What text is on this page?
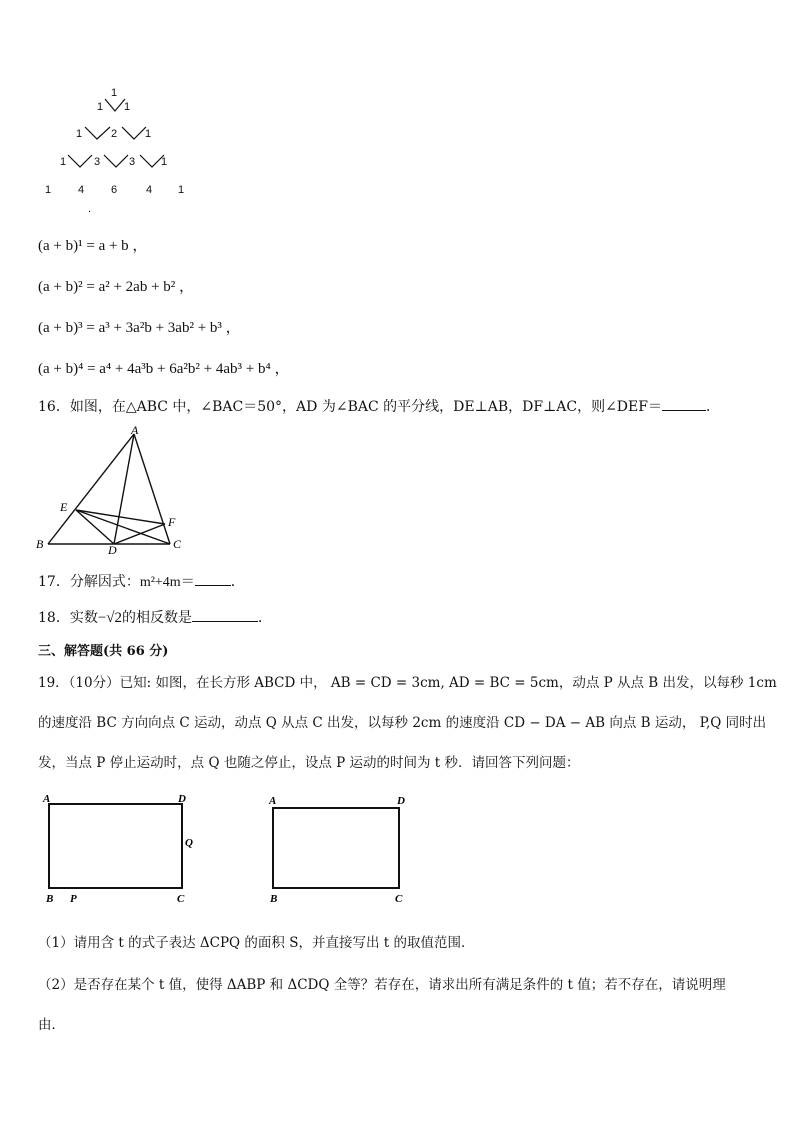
1
1 1
1	2	1
1	3	3 1
1 4 6	4 1
.
(a + b)¹ = a + b ，
(a + b)² = a² + 2ab + b² ，
(a + b)³ = a³ + 3a²b + 3ab² + b³ ，
(a + b)⁴ = a⁴ + 4a³b + 6a²b² + 4ab³ + b⁴ ，
16．如图，在△ABC 中，∠BAC＝50°，AD 为∠BAC 的平分线，DE⊥AB，DF⊥AC，则∠DEF＝	．
A
E
F
B	D	C
17．分解因式：m²+4m＝	．
18．实数−√2的相反数是	．
三、解答题(共 66 分)
19．（10分）已知: 如图，在长方形 ABCD 中， AB = CD = 3cm, AD = BC = 5cm，动点 P 从点 B 出发，以每秒 1cm
的速度沿 BC 方向向点 C 运动，动点 Q 从点 C 出发，以每秒 2cm 的速度沿 CD − DA − AB 向点 B 运动， P,Q 同时出
发，当点 P 停止运动时，点 Q 也随之停止，设点 P 运动的时间为 t 秒．请回答下列问题：
A	D
Q
B P	C
A	D
B	C
（1）请用含 t 的式子表达 ΔCPQ 的面积 S，并直接写出 t 的取值范围．
（2）是否存在某个 t 值，使得 ΔABP 和 ΔCDQ 全等？若存在，请求出所有满足条件的 t 值；若不存在，请说明理
由．
